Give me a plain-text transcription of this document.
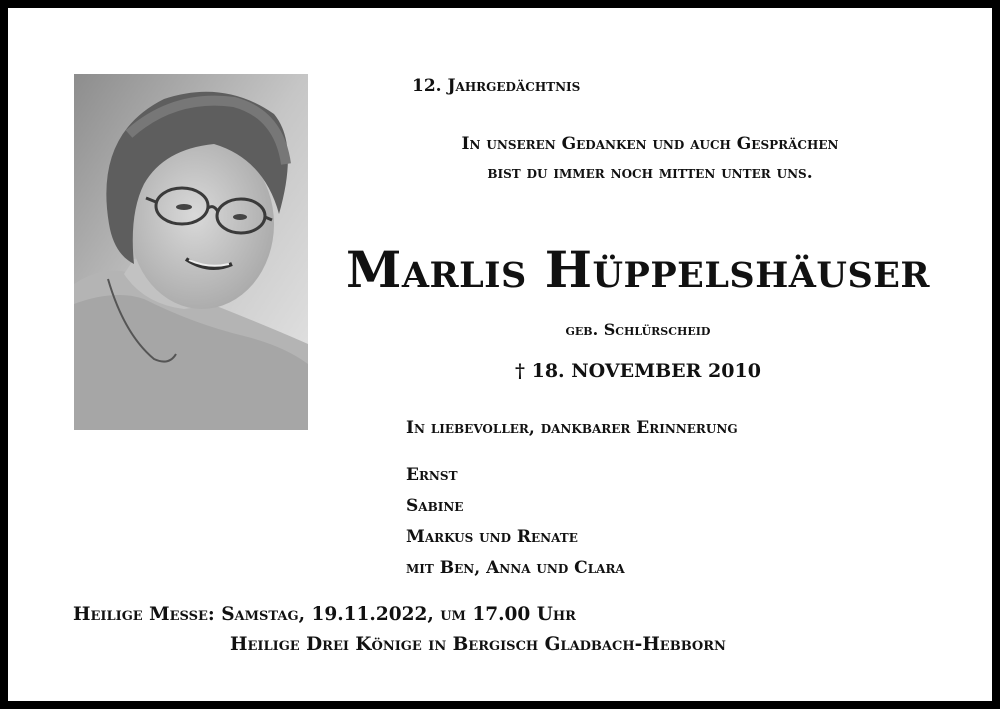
12. Jahrgedächtnis
In unseren Gedanken und auch Gesprächen
bist du immer noch mitten unter uns.
Marlis Hüppelshäuser
geb. Schlürscheid
† 18. NOVEMBER 2010
In liebevoller, dankbarer Erinnerung
Ernst
Sabine
Markus und Renate
mit Ben, Anna und Clara
Heilige Messe: Samstag, 19.11.2022, um 17.00 Uhr
Heilige Drei Könige in Bergisch Gladbach-Hebborn
